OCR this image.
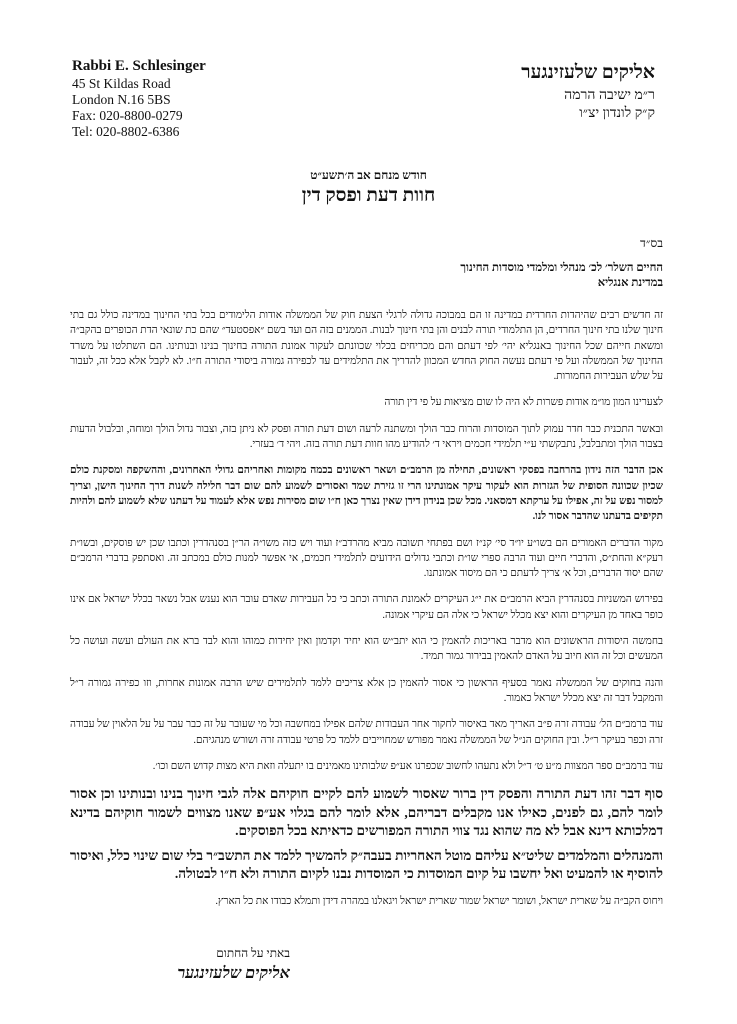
Rabbi E. Schlesinger

45 St Kildas Road

London N.16 5BS

Fax: 020-8800-0279

Tel: 020-8802-6386

אליקים שלעזינגער

ר״מ ישיבה הרמה

ק״ק לונדון יצ״ו

חודש מנחם אב ה׳תשע״ט
חוות דעת ופסק דין
בס״ד

החיים השלר׳ לכ׳ מנהלי ומלמדי מוסדות החינוך

במדינת אנגליא

זה חדשים רבים שהיהדות החרדית במדינה זו הם במבוכה גדולה לרגלי הצעת חוק של הממשלה אודות הלימודים בכל בתי החינוך במדינה כולל גם בתי חינוך שלנו בתי חינוך החרדים, הן התלמודי תורה לבנים והן בתי חינוך לבנות. הממנים בזה הם ועד בשם ״אפסטעד״ שהם כת שונאי הדת הכופרים בהקב״ה ומשאת חייהם שכל החינוך באנגליא יהי׳ לפי דעתם והם מכריחים בכלוי שכוונתם לעקור אמונת התורה בחינוך בנינו ובנותינו. הם השתלטו על משרד החינוך של הממשלה ועל פי דעתם נעשה החוק החדש המכוון להדריך את התלמידים עד לכפירה גמורה ביסודי התורה ח״ו. לא לקבל אלא ככל זה, לעבור על שלש העבירות החמורות.

לצערינו המון מו״מ אודות פשרות לא היה לו שום מציאות על פי דין תורה

ובאשר התכנית כבר חדר עמוק לתוך המוסדות והרוח כבר הולך ומשתנה לרעה ושום דעת תורה ופסק לא ניתן בזה, וצבור גדול הולך ומוחה, ובלבול הדעות בצבור הולך ומתבלבל, נתבקשתי ע״י תלמידי חכמים ויראי ד׳ להודיע מהו חוות דעת תורה בזה. ויהי ד׳ בעזרי.

אכן הדבר הזה נידון בהרחבה בפסקי ראשונים, תחילה מן הרמב״ם ושאר ראשונים בכמה מקומות ואחריהם גדולי האחרונים, וההשקפה ומסקנת כולם שכיון שכוונה הסופית של הגזרות הוא לעקור עיקר אמונתינו הרי זו גזירת שמד ואסורים לשמוע להם שום דבר חלילה לשנות דרך החינוך הישן, וצריך למסור נפש על זה, אפילו על ערקתא דמסאני. מכל שכן בנידון דידן שאין נצרך כאן ח״ו שום מסירות נפש אלא לעמוד על דעתנו שלא לשמוע להם ולהיות תקיפים בדעתנו שהדבר אסור לנו.

מקור הדברים האמורים הם בשו״ע יו״ד סי׳ קנ״ז ושם בפתחי תשובה מביא מהרדב״ז ועוד ויש כזה משו״ה הר״ן בסנהדרין וכתבו שכן יש פוסקים, ובשו״ת רעק״א והחת״ס, והדברי חיים ועוד הרבה ספרי שו״ת וכתבי גדולים הידועים לתלמידי חכמים, אי אפשר למנות כולם במכתב זה. ואסתפק בדברי הרמב״ם שהם יסוד הדברים, וכל א׳ צריך לדעתם כי הם מיסוד אמונתנו.

בפירוש המשניות בסנהדרין הביא הרמב״ם את י״ג העיקרים לאמונת התורה וכתב כי כל העבירות שאדם עובר הוא נענש אבל נשאר בכלל ישראל אם אינו כופר באחד מן העיקרים והוא יצא מכלל ישראל כי אלה הם עיקרי אמונה.

בחמשה היסודות הראשונים הוא מדבר באריכות להאמין כי הוא יתב״ש הוא יחיד וקדמון ואין יחידות כמוהו והוא לבד ברא את העולם ועשה ועושה כל המעשים וכל זה הוא חיוב על האדם להאמין בבירור גמור תמיד.

והנה בחוקים של הממשלה נאמר בסעיף הראשון כי אסור להאמין כן אלא צריכים ללמד לתלמידים שיש הרבה אמונות אחרות, וזו כפירה גמורה ר״ל והמקבל דבר זה יצא מכלל ישראל כאמור.

עוד ברמב״ם הל׳ עבודה זרה פ״ב האריך מאד באיסור לחקור אחר העבודות שלהם אפילו במחשבה וכל מי שעובר על זה כבר עבר על על הלאוין של עבודה זרה וכפר בעיקר ר״ל. ובין החוקים הנ״ל של הממשלה נאמר מפורש שמחוייבים ללמד כל פרטי עבודה זרה ושורש מנהגיהם.

עוד ברמב״ם ספר המצוות מ״ע ט׳ ד״ל ולא נתעהו לחשוב שכפרנו אע״פ שלבותינו מאמינים בו יתעלה וזאת היא מצות קדוש השם וכו׳.

סוף דבר זהו דעת התורה והפסק דין ברור שאסור לשמוע להם לקיים חוקיהם אלה לגבי חינוך בנינו ובנותינו וכן אסור לומר להם, גם לפנים, כאילו אנו מקבלים דבריהם, אלא לומר להם בגלוי אע״פ שאנו מצווים לשמור חוקיהם בדינא דמלכותא דינא אבל לא מה שהוא נגד צווי התורה המפורשים כדאיתא בכל הפוסקים.

והמנהלים והמלמדים שליט״א עליהם מוטל האחריות בעבה״ק להמשיך ללמד את התשב״ר בלי שום שינוי כלל, ואיסור להוסיף או להמעיט ואל יחשבו על קיום המוסדות כי המוסדות נבנו לקיום התורה ולא ח״ו לבטולה.

ויחוס הקב״ה על שארית ישראל, ושומר ישראל שמור שארית ישראל ויגאלנו במהרה דידן ותמלא כבודו את כל הארץ.

באתי על החתום

אליקים שלעזינגער
